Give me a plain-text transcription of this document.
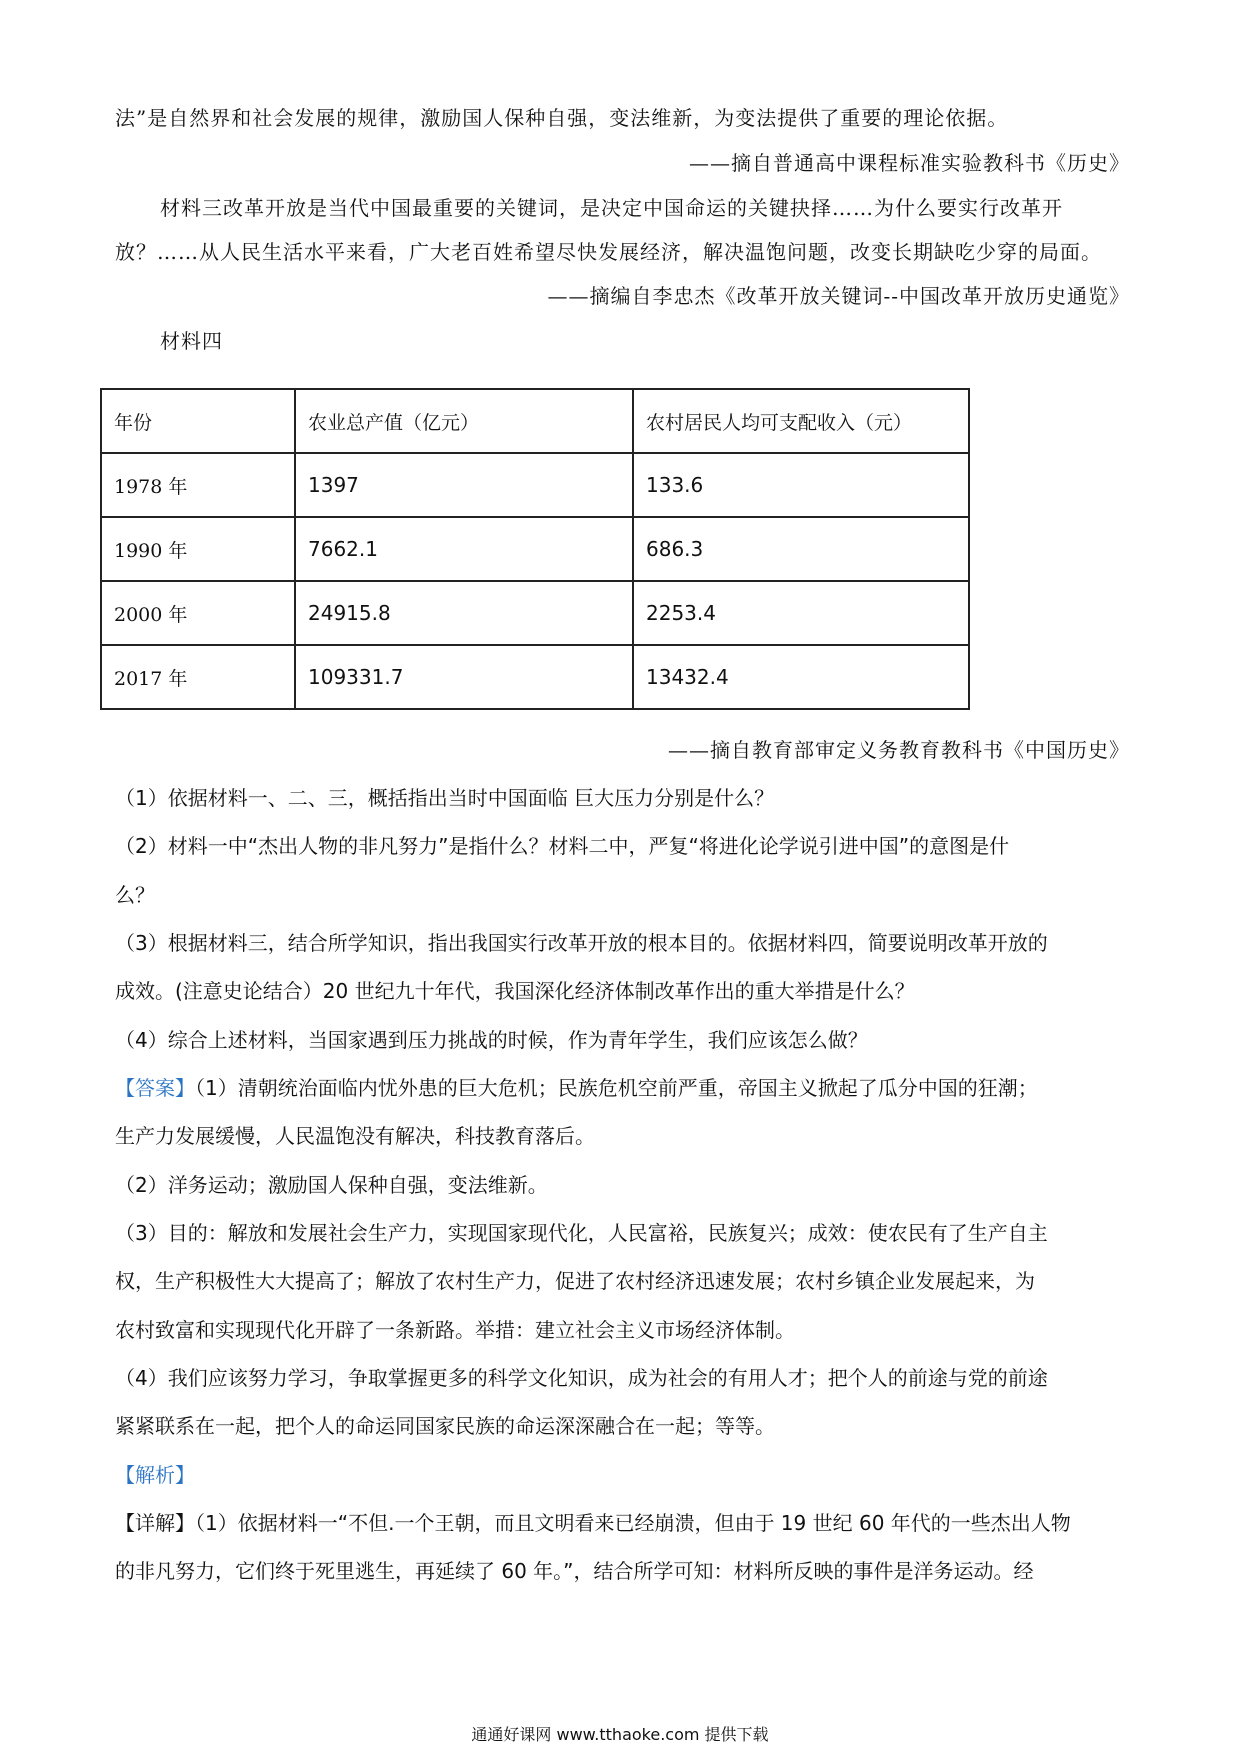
法”是自然界和社会发展的规律，激励国人保种自强，变法维新，为变法提供了重要的理论依据。
——摘自普通高中课程标准实验教科书《历史》
材料三改革开放是当代中国最重要的关键词，是决定中国命运的关键抉择……为什么要实行改革开
放？……从人民生活水平来看，广大老百姓希望尽快发展经济，解决温饱问题，改变长期缺吃少穿的局面。
——摘编自李忠杰《改革开放关键词--中国改革开放历史通览》
材料四
年份	农业总产值（亿元）	农村居民人均可支配收入（元）
1978 年	1397	133.6
1990 年	7662.1	686.3
2000 年	24915.8	2253.4
2017 年	109331.7	13432.4
——摘自教育部审定义务教育教科书《中国历史》
（1）依据材料一、二、三，概括指出当时中国面临 巨大压力分别是什么？
（2）材料一中“杰出人物的非凡努力”是指什么？材料二中，严复“将进化论学说引进中国”的意图是什
么？
（3）根据材料三，结合所学知识，指出我国实行改革开放的根本目的。依据材料四，简要说明改革开放的
成效。(注意史论结合）20 世纪九十年代，我国深化经济体制改革作出的重大举措是什么？
（4）综合上述材料，当国家遇到压力挑战的时候，作为青年学生，我们应该怎么做？
【答案】（1）清朝统治面临内忧外患的巨大危机；民族危机空前严重，帝国主义掀起了瓜分中国的狂潮；
生产力发展缓慢，人民温饱没有解决，科技教育落后。
（2）洋务运动；激励国人保种自强，变法维新。
（3）目的：解放和发展社会生产力，实现国家现代化，人民富裕，民族复兴；成效：使农民有了生产自主
权，生产积极性大大提高了；解放了农村生产力，促进了农村经济迅速发展；农村乡镇企业发展起来，为
农村致富和实现现代化开辟了一条新路。举措：建立社会主义市场经济体制。
（4）我们应该努力学习，争取掌握更多的科学文化知识，成为社会的有用人才；把个人的前途与党的前途
紧紧联系在一起，把个人的命运同国家民族的命运深深融合在一起；等等。
【解析】
【详解】（1）依据材料一“不但.一个王朝，而且文明看来已经崩溃，但由于 19 世纪 60 年代的一些杰出人物
的非凡努力，它们终于死里逃生，再延续了 60 年。”，结合所学可知：材料所反映的事件是洋务运动。经
通通好课网 www.tthaoke.com 提供下载
